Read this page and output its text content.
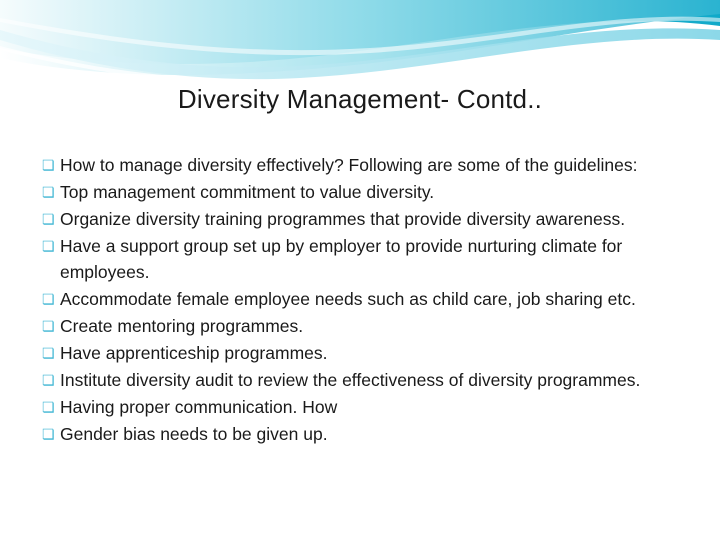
Diversity Management- Contd..
❏ How to manage diversity effectively? Following are some of the guidelines:
❏ Top management commitment to value diversity.
❏ Organize diversity training programmes that provide diversity awareness.
❏ Have a support group set up by employer to provide nurturing climate for employees.
❏ Accommodate female employee needs such as child care, job sharing etc.
❏ Create mentoring programmes.
❏ Have apprenticeship programmes.
❏ Institute diversity audit to review the effectiveness of diversity programmes.
❏ Having proper communication. How
❏ Gender bias needs to be given up.
